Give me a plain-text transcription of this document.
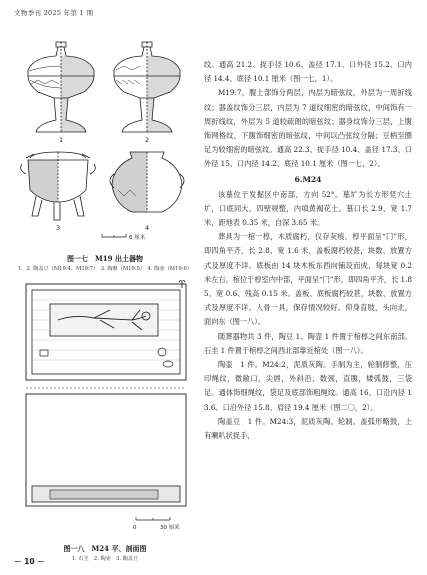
文物季刊 2025 年第 1 期
1	2
3	4
6 厘米
图一七　M19 出土器物
1、2. 陶盖豆（M19:4、M19:7）　3. 陶鼎（M19:5）　4. 陶壶（M19:6）
0	30 厘米
图一八　M24 平、剖面图
1. 石圭　2. 陶壶　3. 陶盖豆

纹。通高 21.2、捉手径 10.6、盖径 17.1、口外径 15.2、口内径 14.4、底径 10.1 厘米（图一七，1）。

M19:7，腹上部饰分两层，内层为暗弦纹，外层为一周折线纹；器盖纹饰分三层，内层为 7 道纹细密的暗弦纹，中间饰有一周折线纹，外层为 5 道较疏朗的暗弦纹；器身纹饰分三层，上腹饰网格纹，下腹饰细密的暗弦纹，中间以凸弦纹分隔；豆柄至圈足为较细密的暗弦纹。通高 22.3、捉手径 10.4、盖径 17.3、口外径 15、口内径 14.2、底径 10.1 厘米（图一七，2）。

6.M24

该墓位于发掘区中南部，方向 52°。墓圹为长方形竖穴土圹，口底同大，四壁规整，内填黄褐花土。墓口长 2.9、宽 1.7 米，距地表 0.35 米，自深 3.65 米。

葬具为一棺一椁，木质腐朽，仅存灰痕。椁平面呈“冂”形，即四角平齐，长 2.8、宽 1.6 米，盖板腐朽较甚，块数、放置方式及厚度不详。底板由 14 块木板东西向铺设而成，每块宽 0.2 米左右。棺位于椁室内中部，平面呈“冂”形，即四角平齐，长 1.85、宽 0.6、残高 0.15 米。盖板、底板腐朽较甚，块数、放置方式及厚度不详。人骨一具，保存情况较好。仰身直肢，头向北，面向东（图一八）。

随葬器物共 3 件，陶豆 1、陶壶 1 件置于棺椁之间东南部。石圭 1 件置于棺椁之间西北部靠近棺处（图一八）。

陶壶　1 件。M24:2，泥质灰陶。手制为主，轮制修整，压印绳纹，微敞口，尖唇，外斜沿，数颈，直腹，矮弧鼓，三袋足。通体饰细绳纹，袋足及底部饰粗绳纹。通高 16、口沿内径 13.6、口沿外径 15.8、肩径 19.4 厘米（图二〇，2）。

陶盖豆　1 件。M24:3，泥质灰陶。轮制。盖弧形略鼓，上有喇叭状捉手，

－ 10 －
